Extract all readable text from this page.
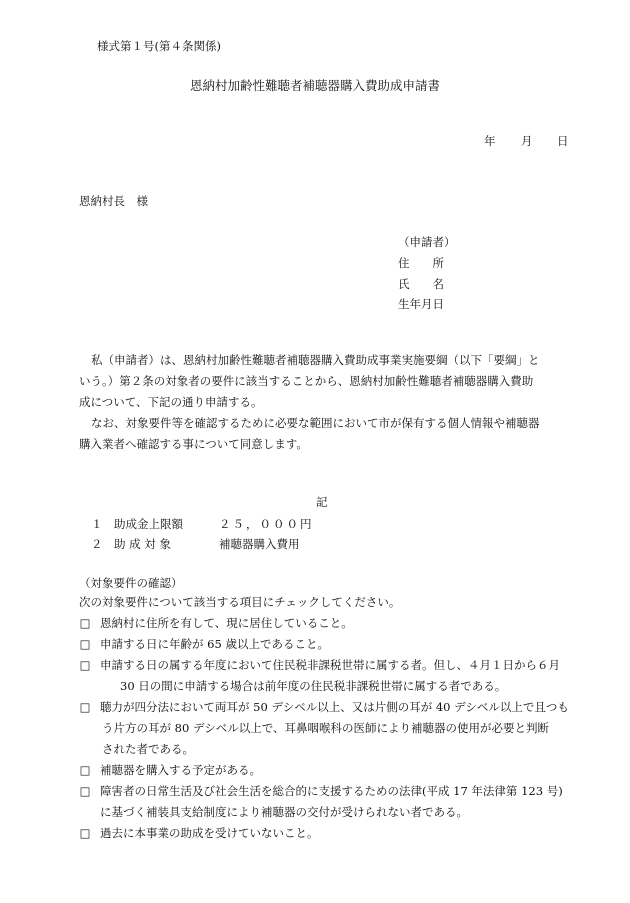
様式第１号(第４条関係)
恩納村加齢性難聴者補聴器購入費助成申請書
年 月 日
恩納村長　様
（申請者）
住　　所
氏　　名
生年月日
私（申請者）は、恩納村加齢性難聴者補聴器購入費助成事業実施要綱（以下「要綱」と
いう。）第２条の対象者の要件に該当することから、恩納村加齢性難聴者補聴器購入費助
成について、下記の通り申請する。
なお、対象要件等を確認するために必要な範囲において市が保有する個人情報や補聴器
購入業者へ確認する事について同意します。
記
１ 助成金上限額	２５，０００円
２ 助 成 対 象	補聴器購入費用
（対象要件の確認）
次の対象要件について該当する項目にチェックしてください。
□ 恩納村に住所を有して、現に居住していること。
□ 申請する日に年齢が 65 歳以上であること。
□ 申請する日の属する年度において住民税非課税世帯に属する者。但し、４月１日から６月
30 日の間に申請する場合は前年度の住民税非課税世帯に属する者である。
□ 聴力が四分法において両耳が 50 デシベル以上、又は片側の耳が 40 デシベル以上で且つも
う片方の耳が 80 デシベル以上で、耳鼻咽喉科の医師により補聴器の使用が必要と判断
された者である。
□ 補聴器を購入する予定がある。
□ 障害者の日常生活及び社会生活を総合的に支援するための法律(平成 17 年法律第 123 号)
に基づく補装具支給制度により補聴器の交付が受けられない者である。
□ 過去に本事業の助成を受けていないこと。
